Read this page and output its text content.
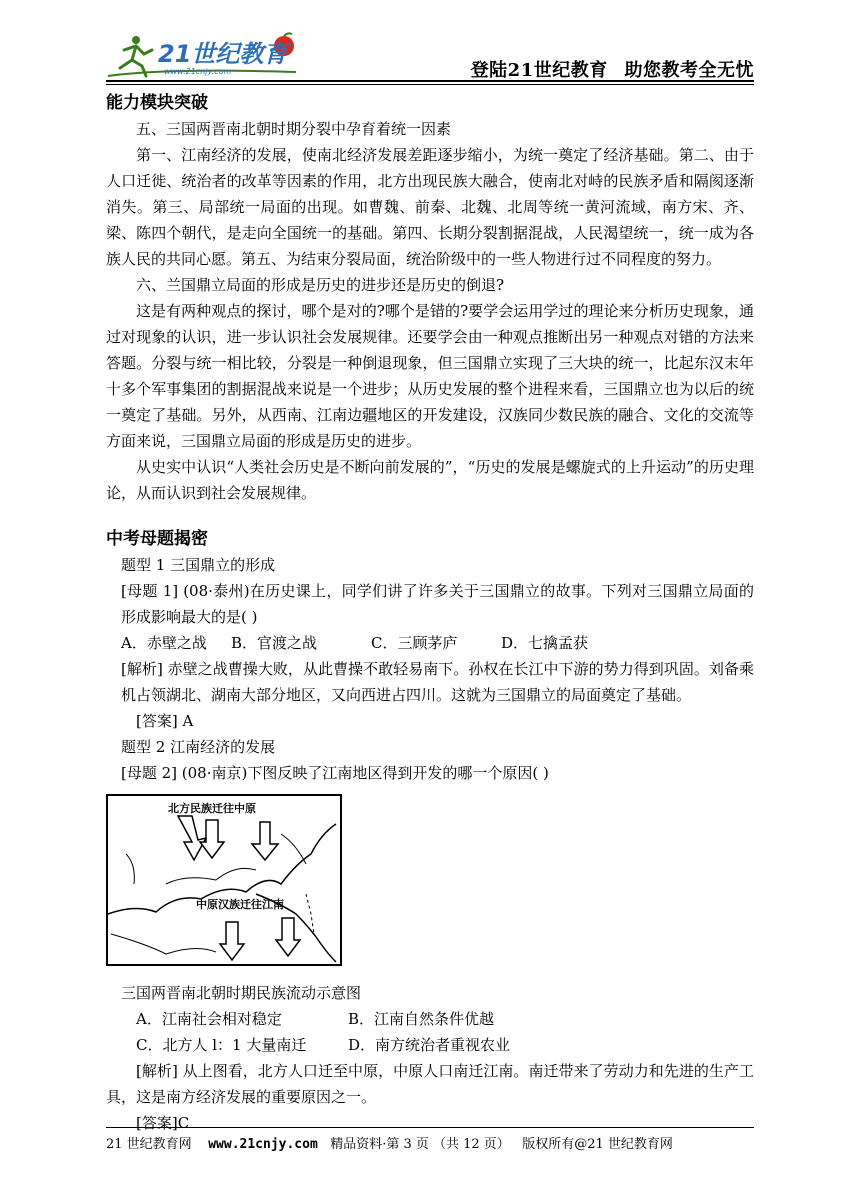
21世纪教育
www.21cnjy.com	登陆21世纪教育 助您教考全无忧

能力模块突破

五、三国两晋南北朝时期分裂中孕育着统一因素

第一、江南经济的发展，使南北经济发展差距逐步缩小，为统一奠定了经济基础。第二、由于人口迁徙、统治者的改革等因素的作用，北方出现民族大融合，使南北对峙的民族矛盾和隔阂逐渐消失。第三、局部统一局面的出现。如曹魏、前秦、北魏、北周等统一黄河流域，南方宋、齐、梁、陈四个朝代，是走向全国统一的基础。第四、长期分裂割据混战，人民渴望统一，统一成为各族人民的共同心愿。第五、为结束分裂局面，统治阶级中的一些人物进行过不同程度的努力。

六、兰国鼎立局面的形成是历史的进步还是历史的倒退?

这是有两种观点的探讨，哪个是对的?哪个是错的?要学会运用学过的理论来分析历史现象，通过对现象的认识，进一步认识社会发展规律。还要学会由一种观点推断出另一种观点对错的方法来答题。分裂与统一相比较，分裂是一种倒退现象，但三国鼎立实现了三大块的统一，比起东汉末年十多个军事集团的割据混战来说是一个进步；从历史发展的整个进程来看，三国鼎立也为以后的统一奠定了基础。另外，从西南、江南边疆地区的开发建设，汉族同少数民族的融合、文化的交流等方面来说，三国鼎立局面的形成是历史的进步。

从史实中认识“人类社会历史是不断向前发展的”，“历史的发展是螺旋式的上升运动”的历史理论，从而认识到社会发展规律。

中考母题揭密

题型 1 三国鼎立的形成

[母题 1] (08·泰州)在历史课上，同学们讲了许多关于三国鼎立的故事。下列对三国鼎立局面的形成影响最大的是( )

A．赤壁之战	B．官渡之战	C．三顾茅庐	D．七擒孟获

[解析] 赤壁之战曹操大败，从此曹操不敢轻易南下。孙权在长江中下游的势力得到巩固。刘备乘机占领湖北、湖南大部分地区，又向西进占四川。这就为三国鼎立的局面奠定了基础。

[答案] A

题型 2 江南经济的发展

[母题 2] (08·南京)下图反映了江南地区得到开发的哪一个原因( )

北方民族迁往中原
中原汉族迁往江南

三国两晋南北朝时期民族流动示意图

A．江南社会相对稳定	B．江南自然条件优越
C．北方人 l：1 大量南迁	D．南方统治者重视农业

[解析] 从上图看，北方人口迁至中原，中原人口南迁江南。南迁带来了劳动力和先进的生产工具，这是南方经济发展的重要原因之一。

[答案]C

21 世纪教育网 www.21cnjy.com 精品资料·第 3 页 （共 12 页） 版权所有@21 世纪教育网
